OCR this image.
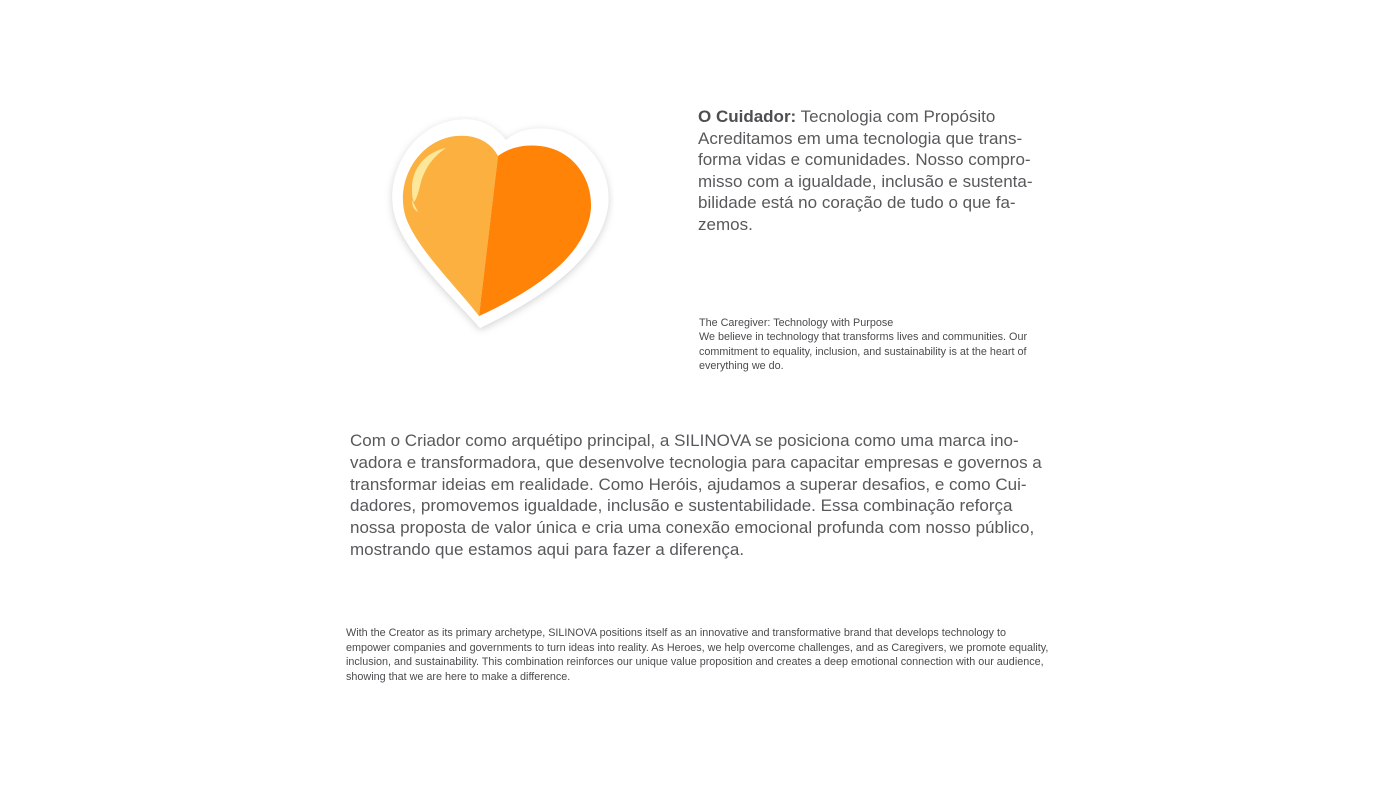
O Cuidador: Tecnologia com Propósito

Acreditamos em uma tecnologia que trans-forma vidas e comunidades. Nosso compro-misso com a igualdade, inclusão e sustenta-bilidade está no coração de tudo o que fa-zemos.

The Caregiver: Technology with Purpose

We believe in technology that transforms lives and communities. Our commitment to equality, inclusion, and sustainability is at the heart of everything we do.

Com o Criador como arquétipo principal, a SILINOVA se posiciona como uma marca ino-vadora e transformadora, que desenvolve tecnologia para capacitar empresas e governos a transformar ideias em realidade. Como Heróis, ajudamos a superar desafios, e como Cui-dadores, promovemos igualdade, inclusão e sustentabilidade. Essa combinação reforça nossa proposta de valor única e cria uma conexão emocional profunda com nosso público, mostrando que estamos aqui para fazer a diferença.

With the Creator as its primary archetype, SILINOVA positions itself as an innovative and transformative brand that develops technology to empower companies and governments to turn ideas into reality. As Heroes, we help overcome challenges, and as Caregivers, we promote equality, inclusion, and sustainability. This combination reinforces our unique value proposition and creates a deep emotional connection with our audience, showing that we are here to make a difference.
